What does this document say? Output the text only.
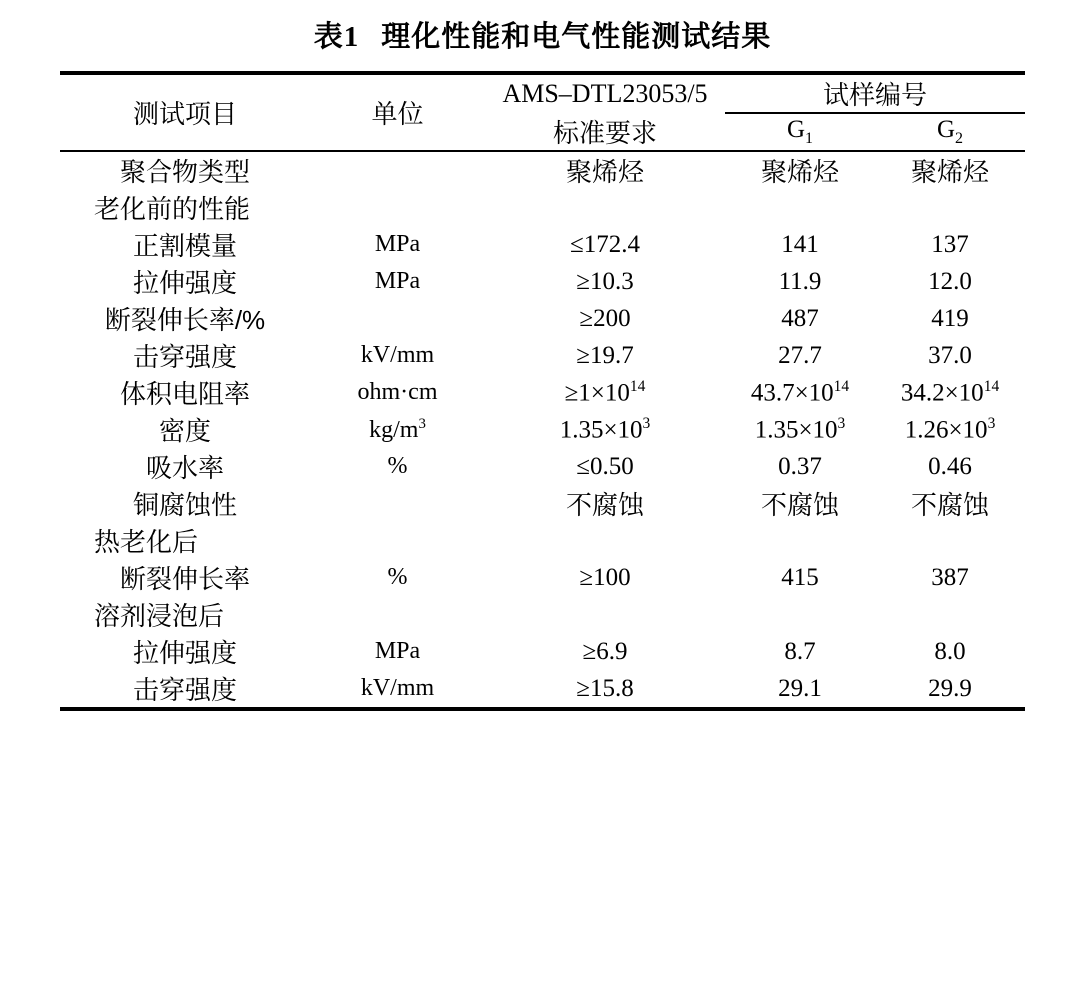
表1 理化性能和电气性能测试结果
测试项目	单位	AMS–DTL23053/5	试样编号	
		标准要求	$G_1$	$G_2$

聚合物类型		聚烯烃	聚烯烃	聚烯烃
老化前的性能				
正割模量	MPa	≤172.4	141	137
拉伸强度	MPa	≥10.3	11.9	12.0
断裂伸长率/%		≥200	487	419
击穿强度	kV/mm	≥19.7	27.7	37.0
体积电阻率	ohm·cm	$\ge 1\times 10^{14}$	$43.7\times 10^{14}$	$34.2\times 10^{14}$
密度	$kg/m^3$	$1.35\times 10^3$	$1.35\times 10^3$	$1.26\times 10^3$
吸水率	%	≤0.50	0.37	0.46
铜腐蚀性		不腐蚀	不腐蚀	不腐蚀
热老化后				
断裂伸长率	%	≥100	415	387
溶剂浸泡后				
拉伸强度	MPa	≥6.9	8.7	8.0
击穿强度	kV/mm	≥15.8	29.1	29.9
